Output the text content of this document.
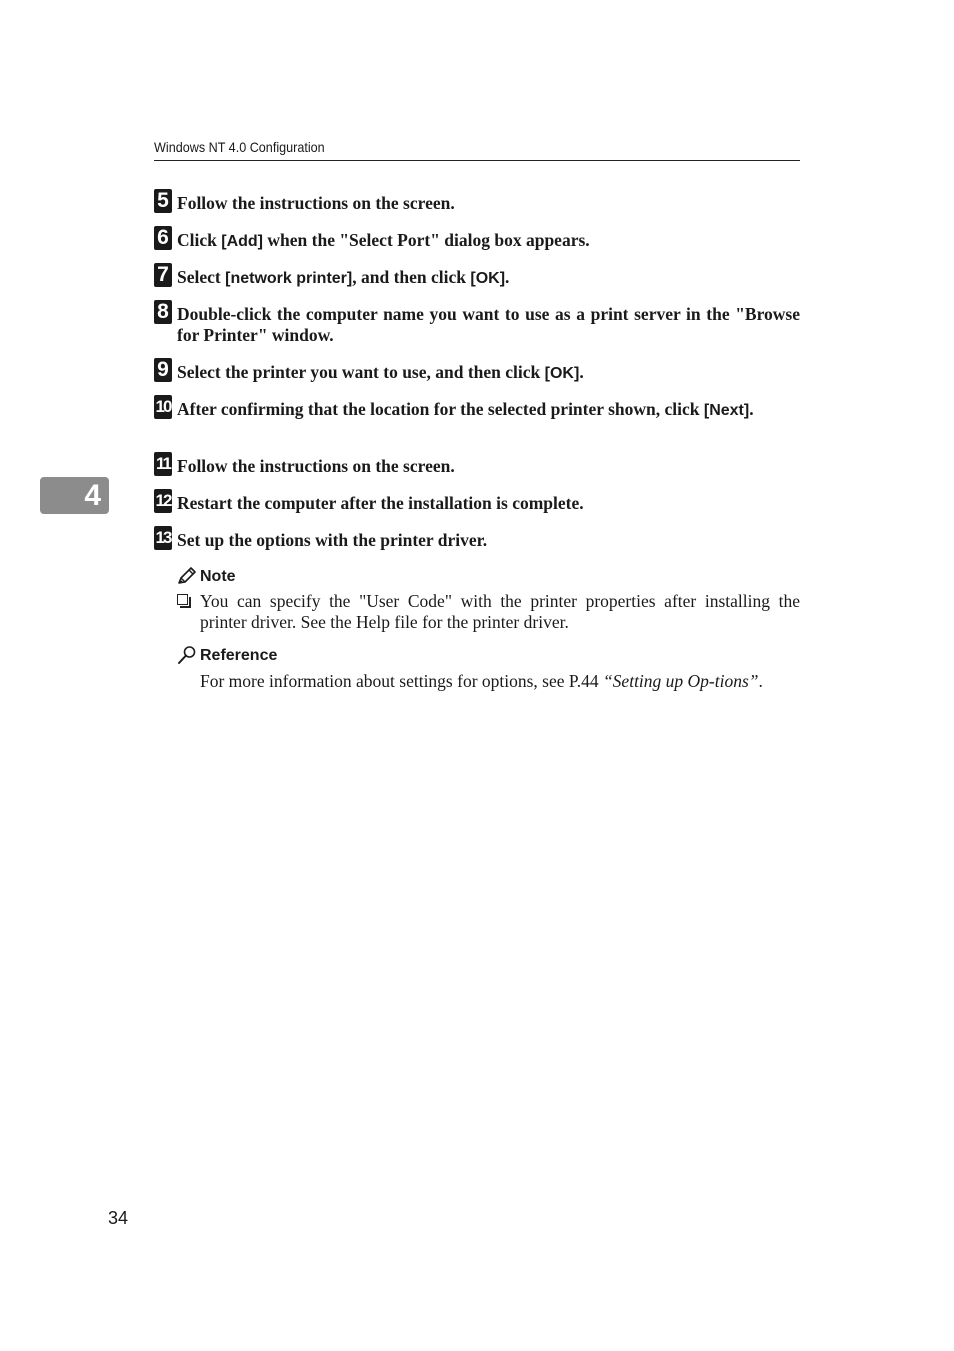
Windows NT 4.0 Configuration
4
5 Follow the instructions on the screen.
6 Click [Add] when the "Select Port" dialog box appears.
7 Select [network printer], and then click [OK].
8 Double-click the computer name you want to use as a print server in the "Browse for Printer" window.
9 Select the printer you want to use, and then click [OK].
10 After confirming that the location for the selected printer shown, click [Next].
11 Follow the instructions on the screen.
12 Restart the computer after the installation is complete.
13 Set up the options with the printer driver.
Note
You can specify the "User Code" with the printer properties after installing the printer driver. See the Help file for the printer driver.
Reference
For more information about settings for options, see P.44 “Setting up Op-tions”.
34
